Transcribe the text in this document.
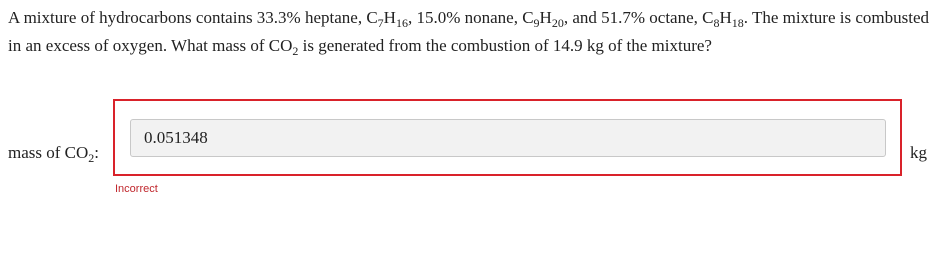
A mixture of hydrocarbons contains 33.3% heptane, $C_7H_{16}$, 15.0% nonane, $C_9H_{20}$, and 51.7% octane, $C_8H_{18}$. The mixture is combusted in an excess of oxygen. What mass of $CO_2$ is generated from the combustion of 14.9 kg of the mixture?
mass of $CO_2$:
0.051348
Incorrect
kg
